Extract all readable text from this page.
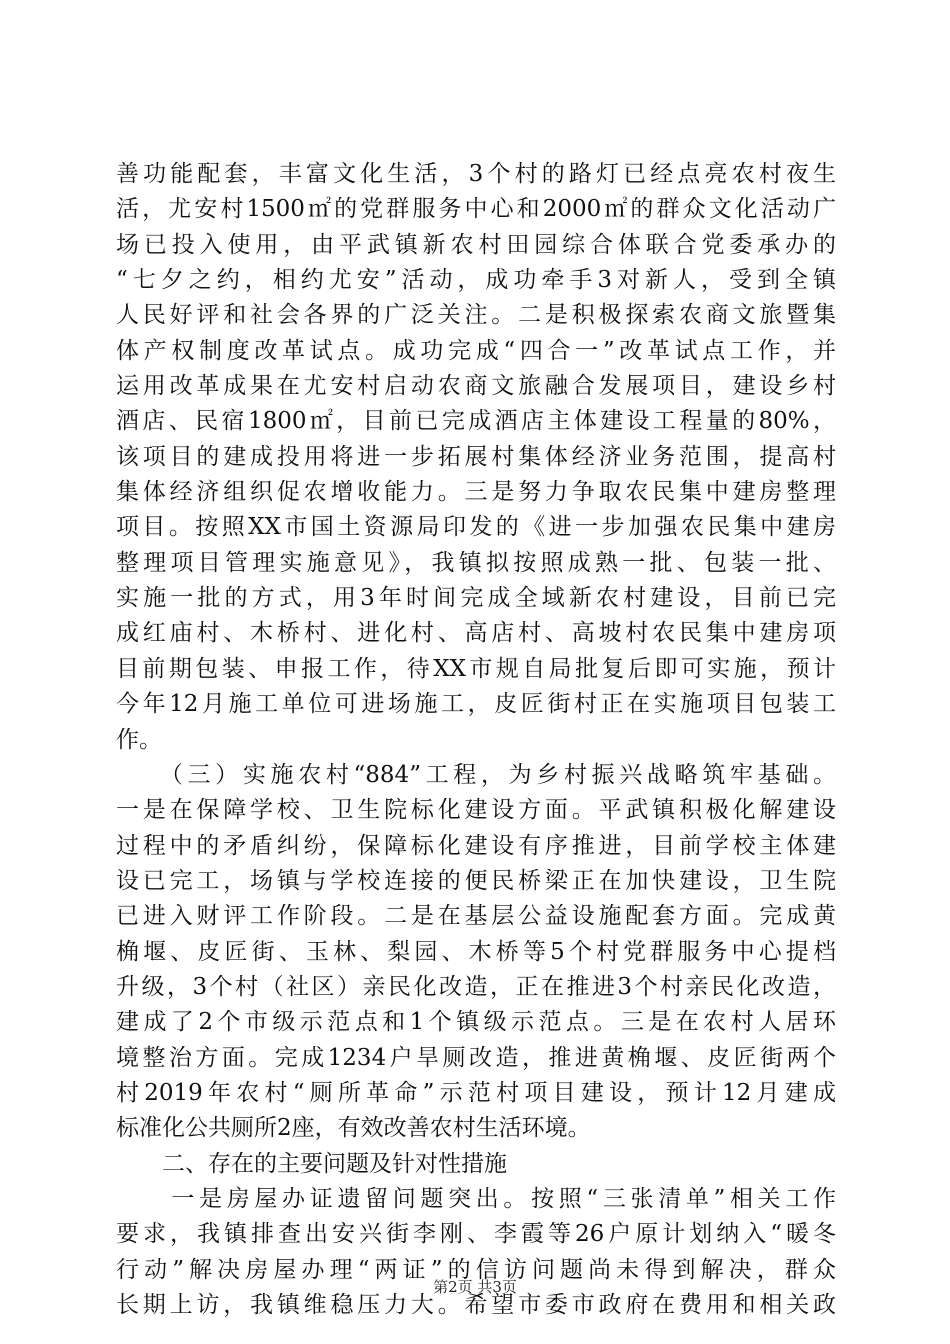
善功能配套，丰富文化生活，3个村的路灯已经点亮农村夜生
活，尤安村1500㎡的党群服务中心和2000㎡的群众文化活动广
场已投入使用，由平武镇新农村田园综合体联合党委承办的
“七夕之约，相约尤安”活动，成功牵手3对新人，受到全镇
人民好评和社会各界的广泛关注。二是积极探索农商文旅暨集
体产权制度改革试点。成功完成“四合一”改革试点工作，并
运用改革成果在尤安村启动农商文旅融合发展项目，建设乡村
酒店、民宿1800㎡，目前已完成酒店主体建设工程量的80%，
该项目的建成投用将进一步拓展村集体经济业务范围，提高村
集体经济组织促农增收能力。三是努力争取农民集中建房整理
项目。按照XX市国土资源局印发的《进一步加强农民集中建房
整理项目管理实施意见》，我镇拟按照成熟一批、包装一批、
实施一批的方式，用3年时间完成全域新农村建设，目前已完
成红庙村、木桥村、进化村、高店村、高坡村农民集中建房项
目前期包装、申报工作，待XX市规自局批复后即可实施，预计
今年12月施工单位可进场施工，皮匠街村正在实施项目包装工
作。
　　（三）实施农村“884”工程，为乡村振兴战略筑牢基础。
一是在保障学校、卫生院标化建设方面。平武镇积极化解建设
过程中的矛盾纠纷，保障标化建设有序推进，目前学校主体建
设已完工，场镇与学校连接的便民桥梁正在加快建设，卫生院
已进入财评工作阶段。二是在基层公益设施配套方面。完成黄
桷堰、皮匠街、玉林、梨园、木桥等5个村党群服务中心提档
升级，3个村（社区）亲民化改造，正在推进3个村亲民化改造，
建成了2个市级示范点和1个镇级示范点。三是在农村人居环
境整治方面。完成1234户旱厕改造，推进黄桷堰、皮匠街两个
村2019年农村“厕所革命”示范村项目建设，预计12月建成
标准化公共厕所2座，有效改善农村生活环境。
　　二、存在的主要问题及针对性措施
　　一是房屋办证遗留问题突出。按照“三张清单”相关工作
要求，我镇排查出安兴街李刚、李霞等26户原计划纳入“暖冬
行动”解决房屋办理“两证”的信访问题尚未得到解决，群众
长期上访，我镇维稳压力大。希望市委市政府在费用和相关政
第2页 共3页
